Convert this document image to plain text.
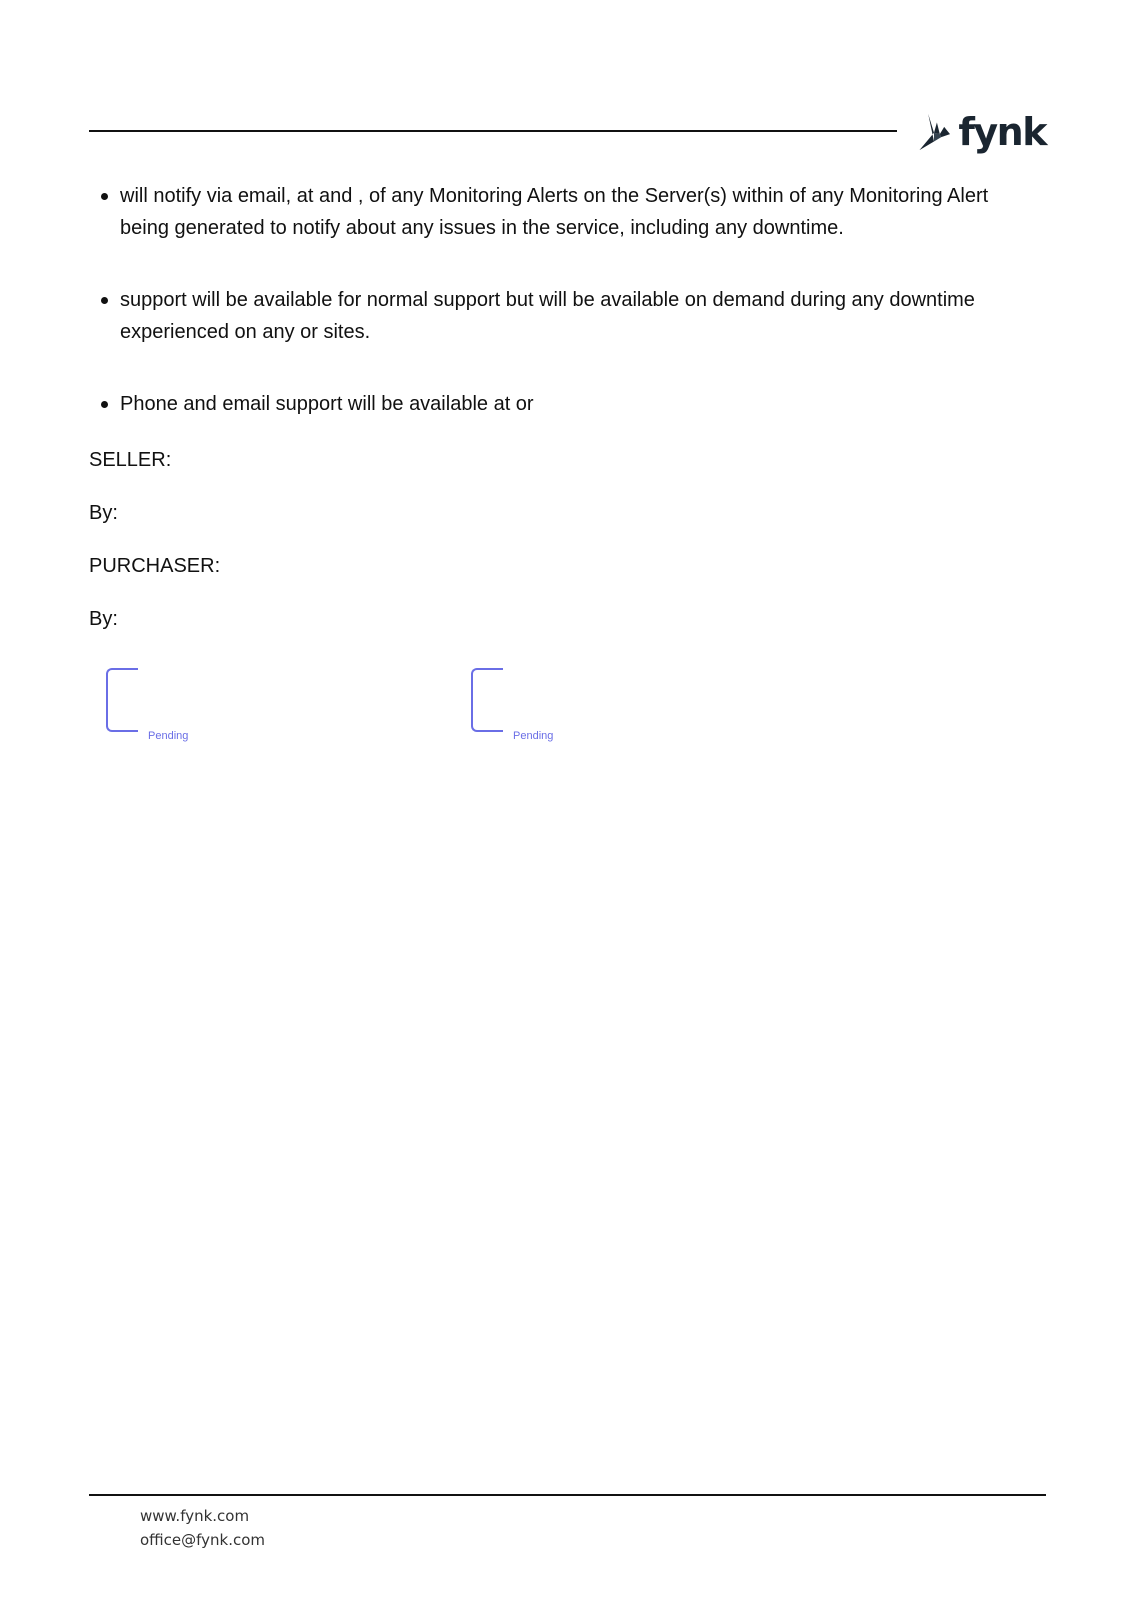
fynk
will notify via email, at and , of any Monitoring Alerts on the Server(s) within of any Monitoring Alert being generated to notify about any issues in the service, including any downtime.
support will be available for normal support but will be available on demand during any downtime experienced on any or sites.
Phone and email support will be available at or
SELLER:
By:
PURCHASER:
By:
Pending	Pending
www.fynk.com
office@fynk.com
